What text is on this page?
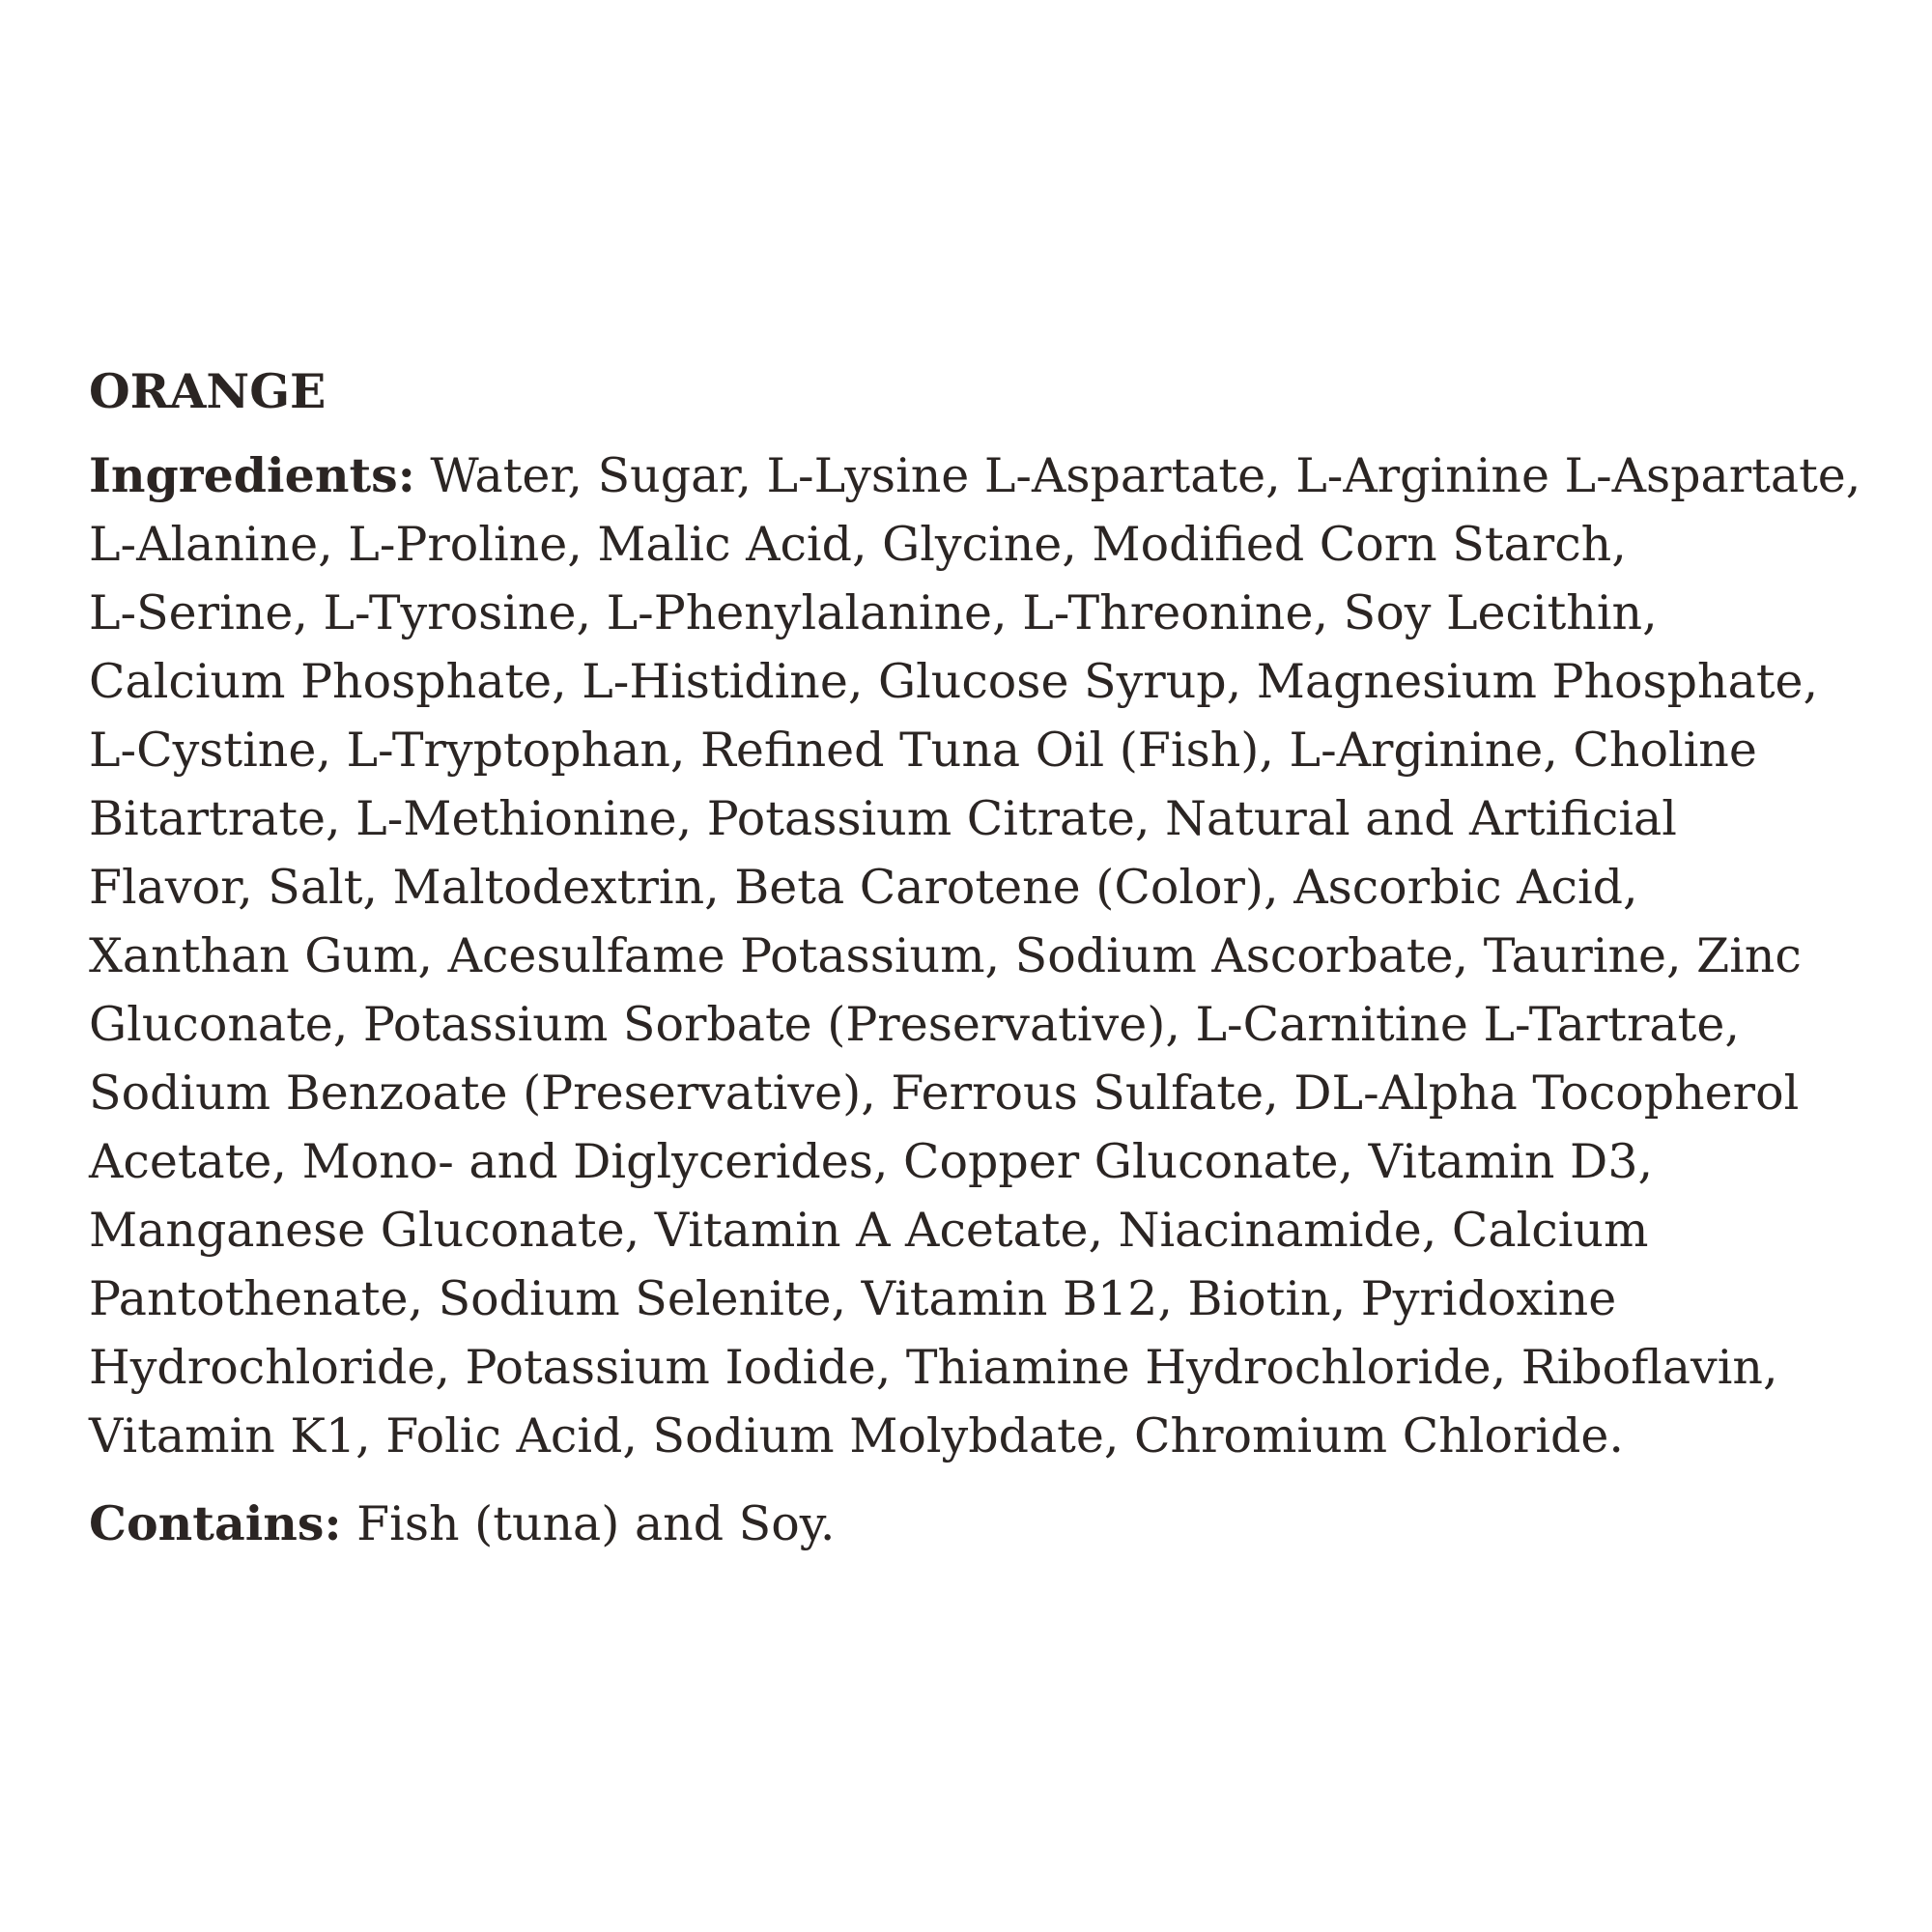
ORANGE

Ingredients: Water, Sugar, L-Lysine L-Aspartate, L-Arginine L-Aspartate,
L-Alanine, L-Proline, Malic Acid, Glycine, Modified Corn Starch,
L-Serine, L-Tyrosine, L-Phenylalanine, L-Threonine, Soy Lecithin,
Calcium Phosphate, L-Histidine, Glucose Syrup, Magnesium Phosphate,
L-Cystine, L-Tryptophan, Refined Tuna Oil (Fish), L-Arginine, Choline
Bitartrate, L-Methionine, Potassium Citrate, Natural and Artificial
Flavor, Salt, Maltodextrin, Beta Carotene (Color), Ascorbic Acid,
Xanthan Gum, Acesulfame Potassium, Sodium Ascorbate, Taurine, Zinc
Gluconate, Potassium Sorbate (Preservative), L-Carnitine L-Tartrate,
Sodium Benzoate (Preservative), Ferrous Sulfate, DL-Alpha Tocopherol
Acetate, Mono- and Diglycerides, Copper Gluconate, Vitamin D3,
Manganese Gluconate, Vitamin A Acetate, Niacinamide, Calcium
Pantothenate, Sodium Selenite, Vitamin B12, Biotin, Pyridoxine
Hydrochloride, Potassium Iodide, Thiamine Hydrochloride, Riboflavin,
Vitamin K1, Folic Acid, Sodium Molybdate, Chromium Chloride.

Contains: Fish (tuna) and Soy.
